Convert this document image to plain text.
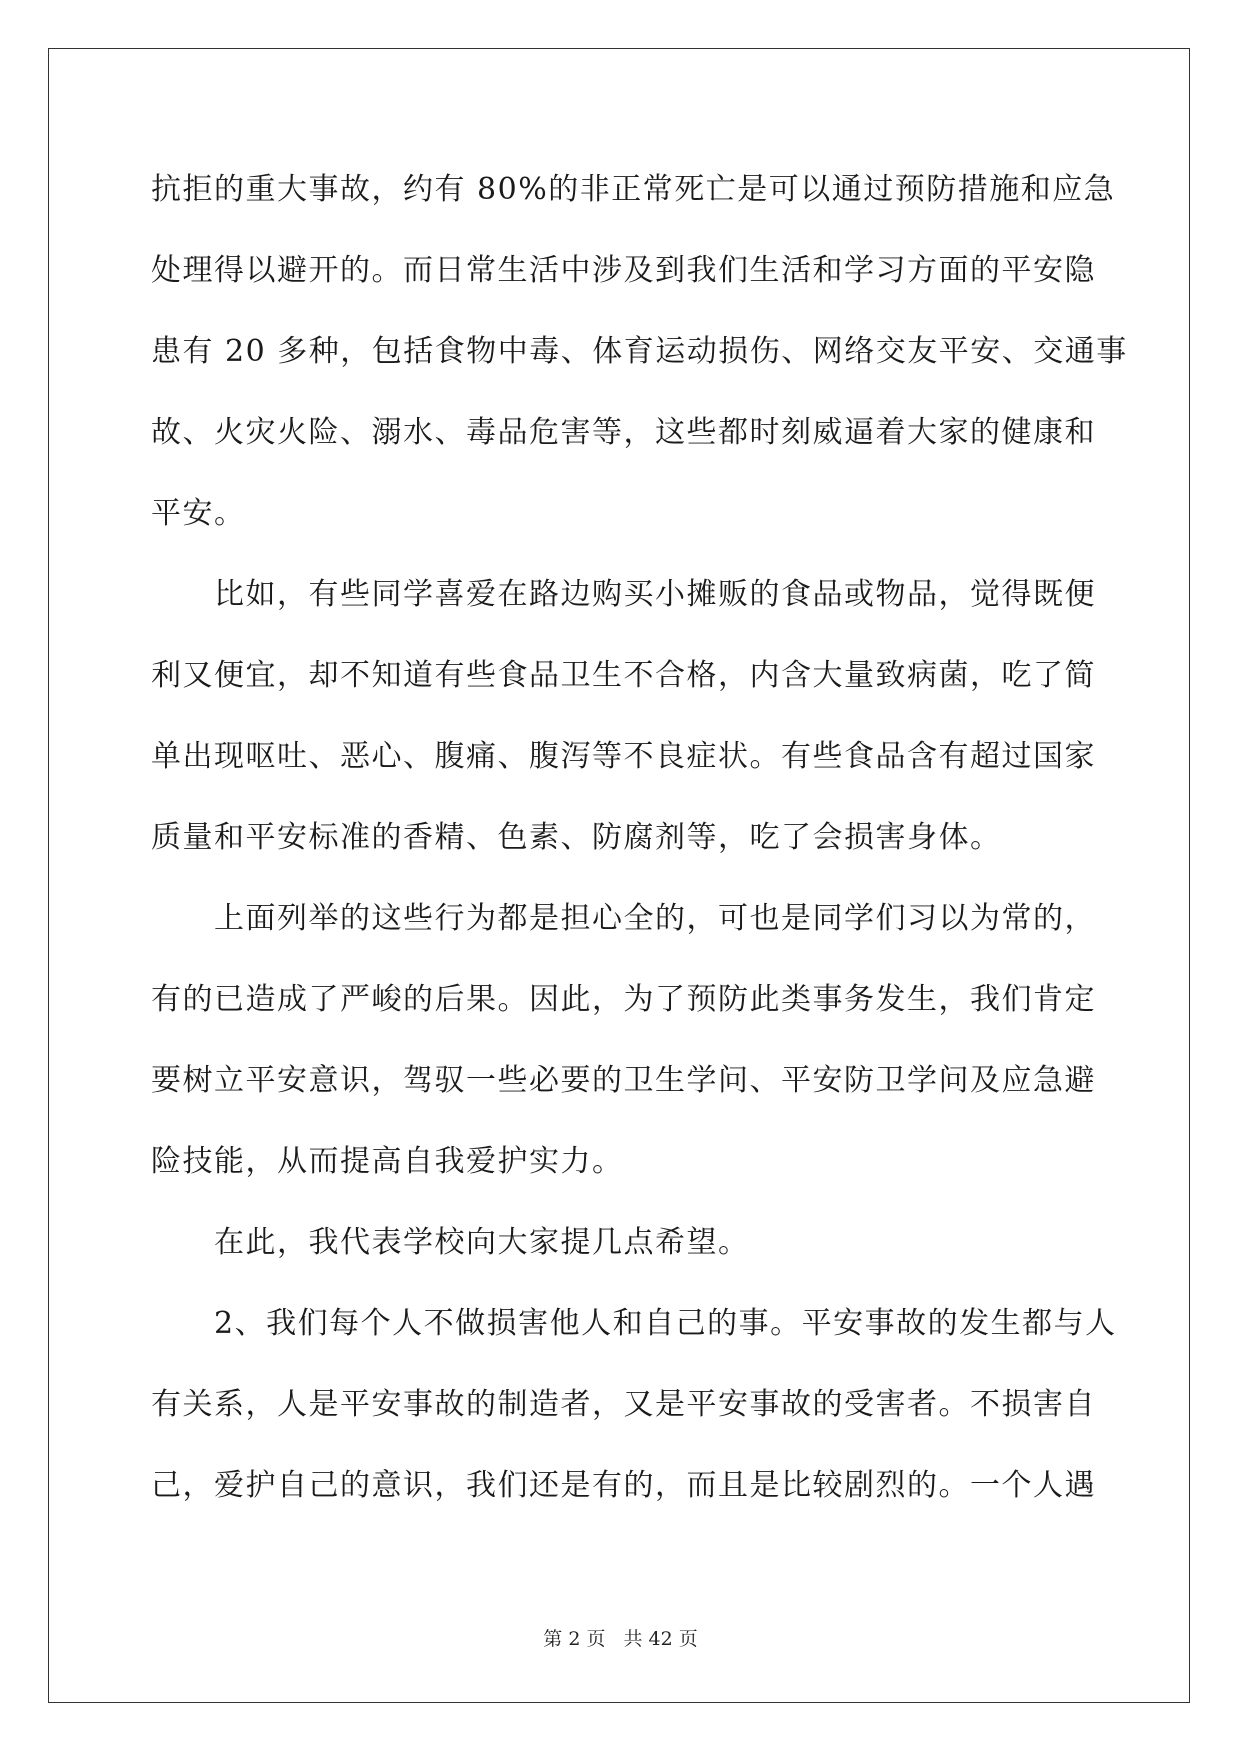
抗拒的重大事故，约有 80%的非正常死亡是可以通过预防措施和应急
处理得以避开的。而日常生活中涉及到我们生活和学习方面的平安隐
患有 20 多种，包括食物中毒、体育运动损伤、网络交友平安、交通事
故、火灾火险、溺水、毒品危害等，这些都时刻威逼着大家的健康和
平安。
　　比如，有些同学喜爱在路边购买小摊贩的食品或物品，觉得既便
利又便宜，却不知道有些食品卫生不合格，内含大量致病菌，吃了简
单出现呕吐、恶心、腹痛、腹泻等不良症状。有些食品含有超过国家
质量和平安标准的香精、色素、防腐剂等，吃了会损害身体。
　　上面列举的这些行为都是担心全的，可也是同学们习以为常的，
有的已造成了严峻的后果。因此，为了预防此类事务发生，我们肯定
要树立平安意识，驾驭一些必要的卫生学问、平安防卫学问及应急避
险技能，从而提高自我爱护实力。
　　在此，我代表学校向大家提几点希望。
　　2、我们每个人不做损害他人和自己的事。平安事故的发生都与人
有关系，人是平安事故的制造者，又是平安事故的受害者。不损害自
己，爱护自己的意识，我们还是有的，而且是比较剧烈的。一个人遇
第 2 页 共 42 页
